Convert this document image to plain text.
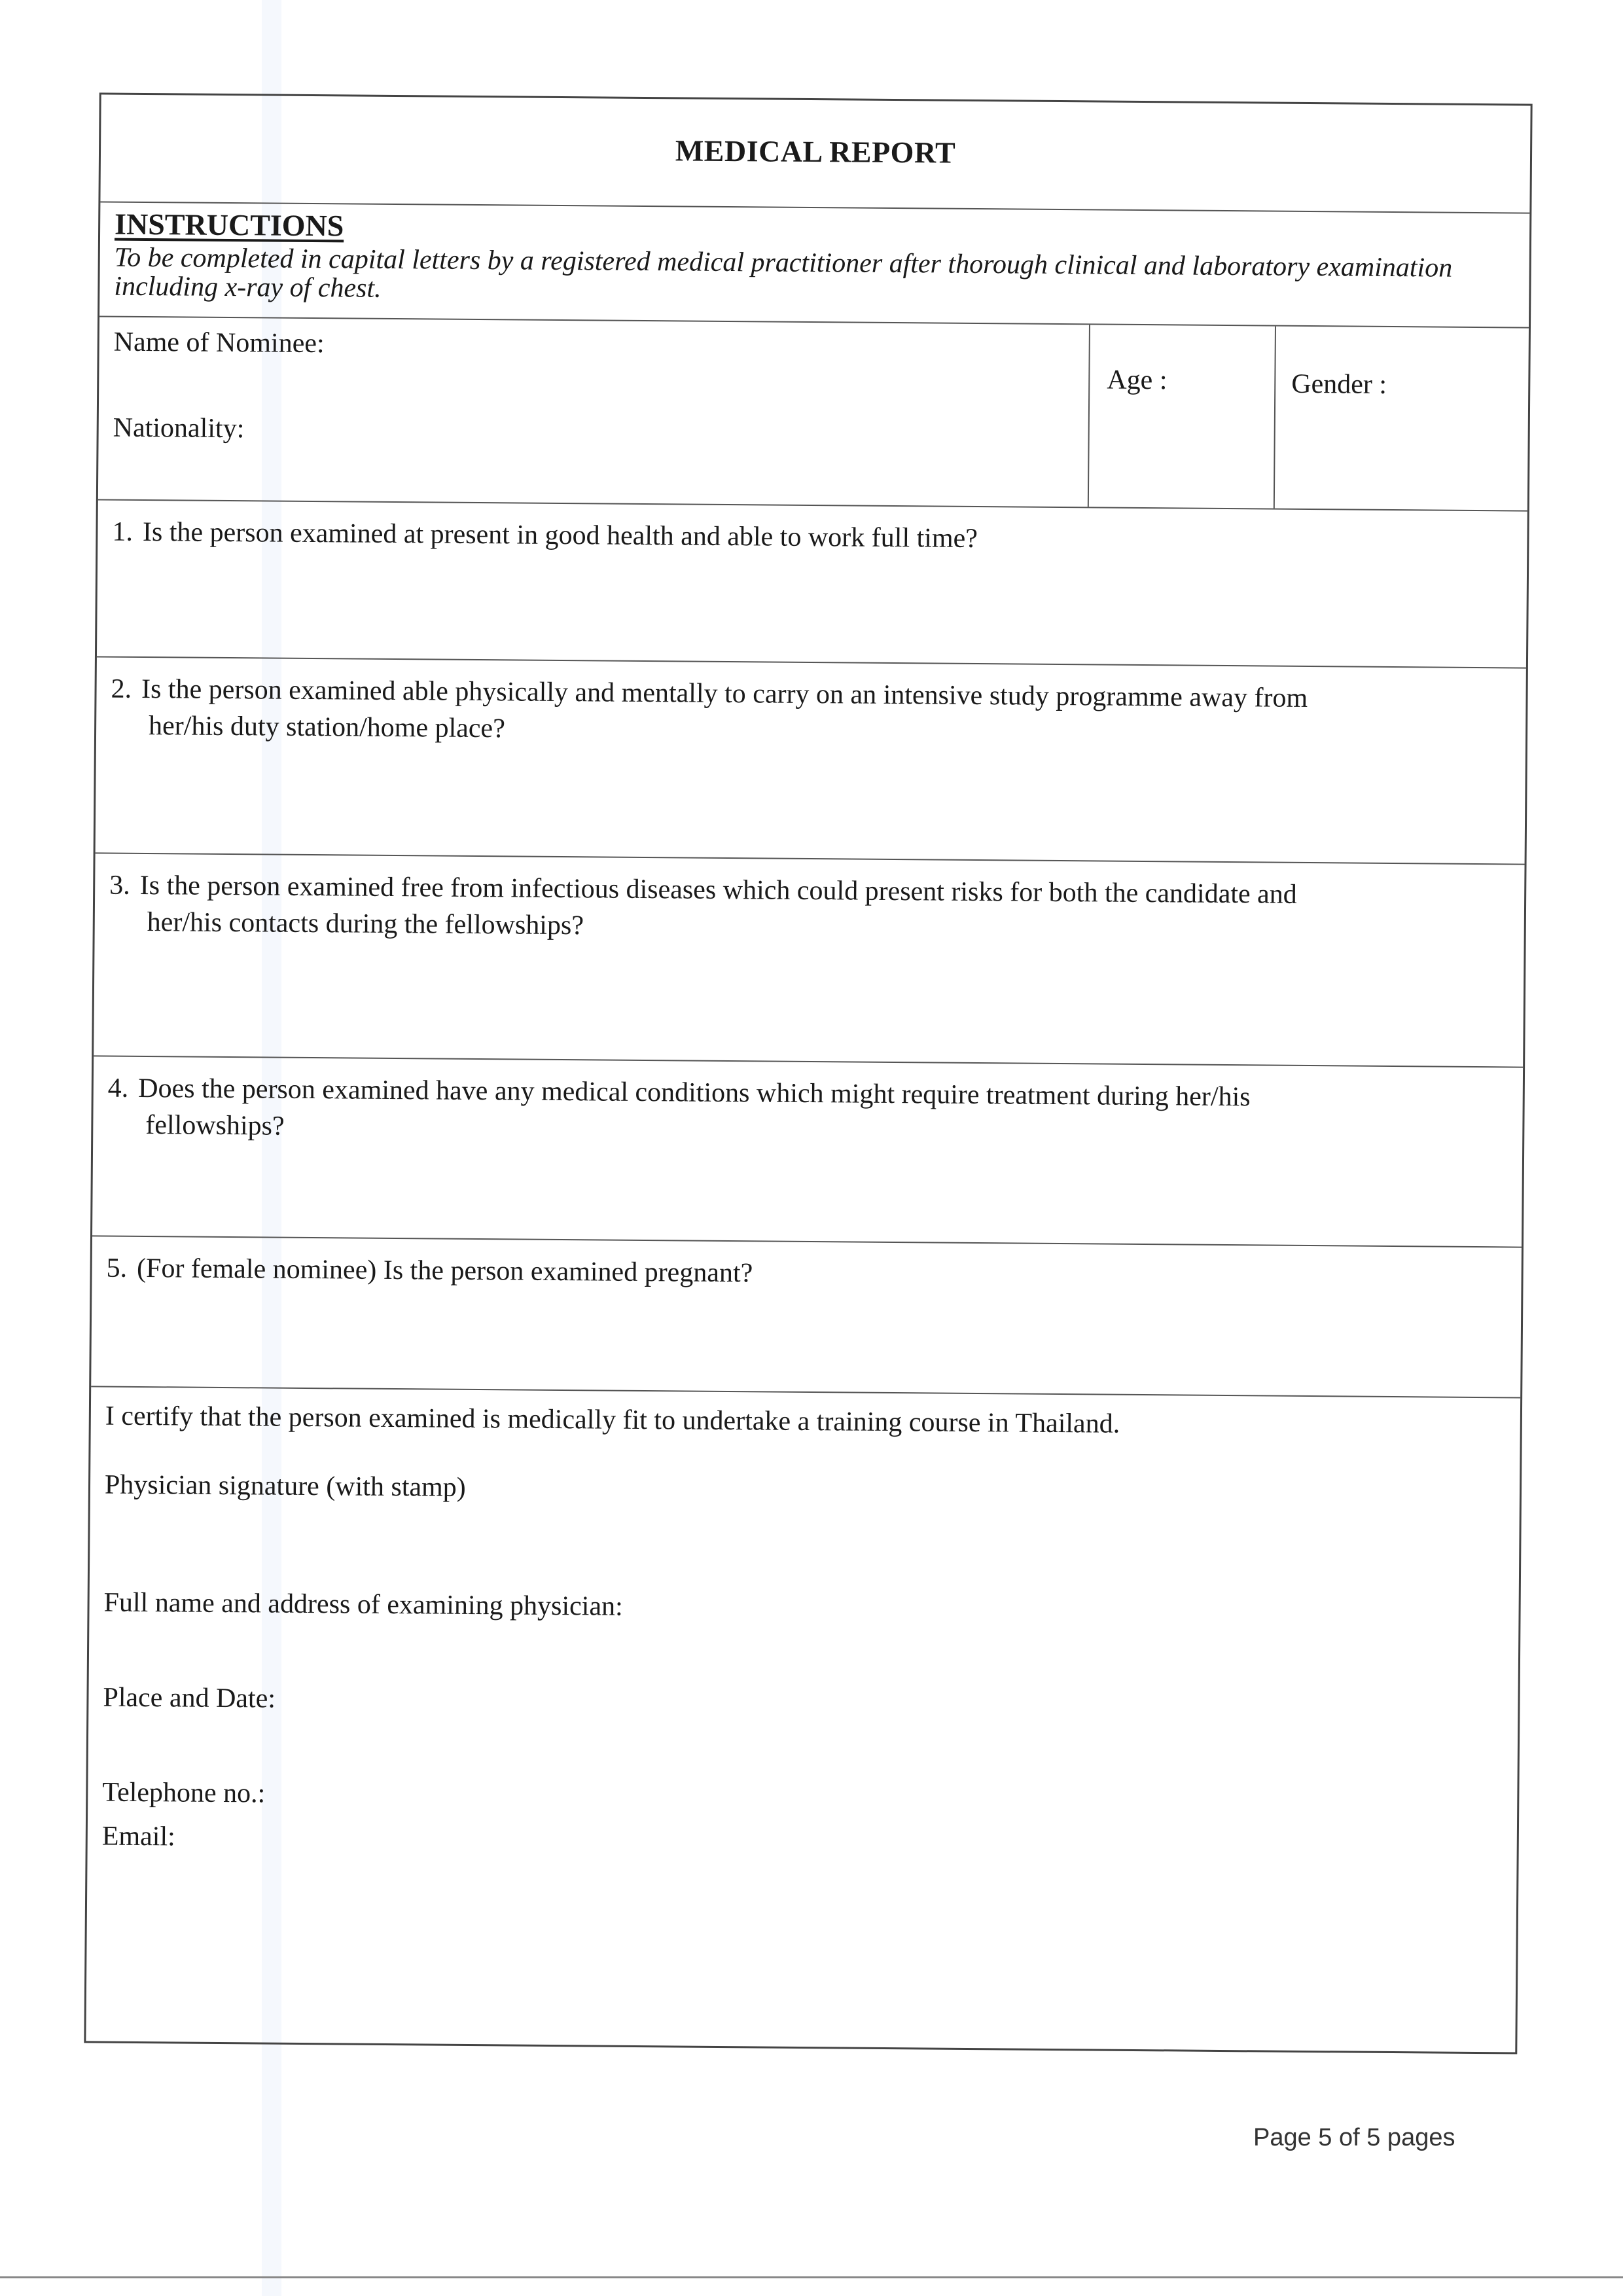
MEDICAL REPORT
INSTRUCTIONS
To be completed in capital letters by a registered medical practitioner after thorough clinical and laboratory examination including x-ray of chest.
Name of Nominee:
Nationality:
Age :	Gender :
1. Is the person examined at present in good health and able to work full time?
2. Is the person examined able physically and mentally to carry on an intensive study programme away from
her/his duty station/home place?
3. Is the person examined free from infectious diseases which could present risks for both the candidate and
her/his contacts during the fellowships?
4. Does the person examined have any medical conditions which might require treatment during her/his
fellowships?
5. (For female nominee) Is the person examined pregnant?
I certify that the person examined is medically fit to undertake a training course in Thailand.
Physician signature (with stamp)
Full name and address of examining physician:
Place and Date:
Telephone no.:
Email:
Page 5 of 5 pages
